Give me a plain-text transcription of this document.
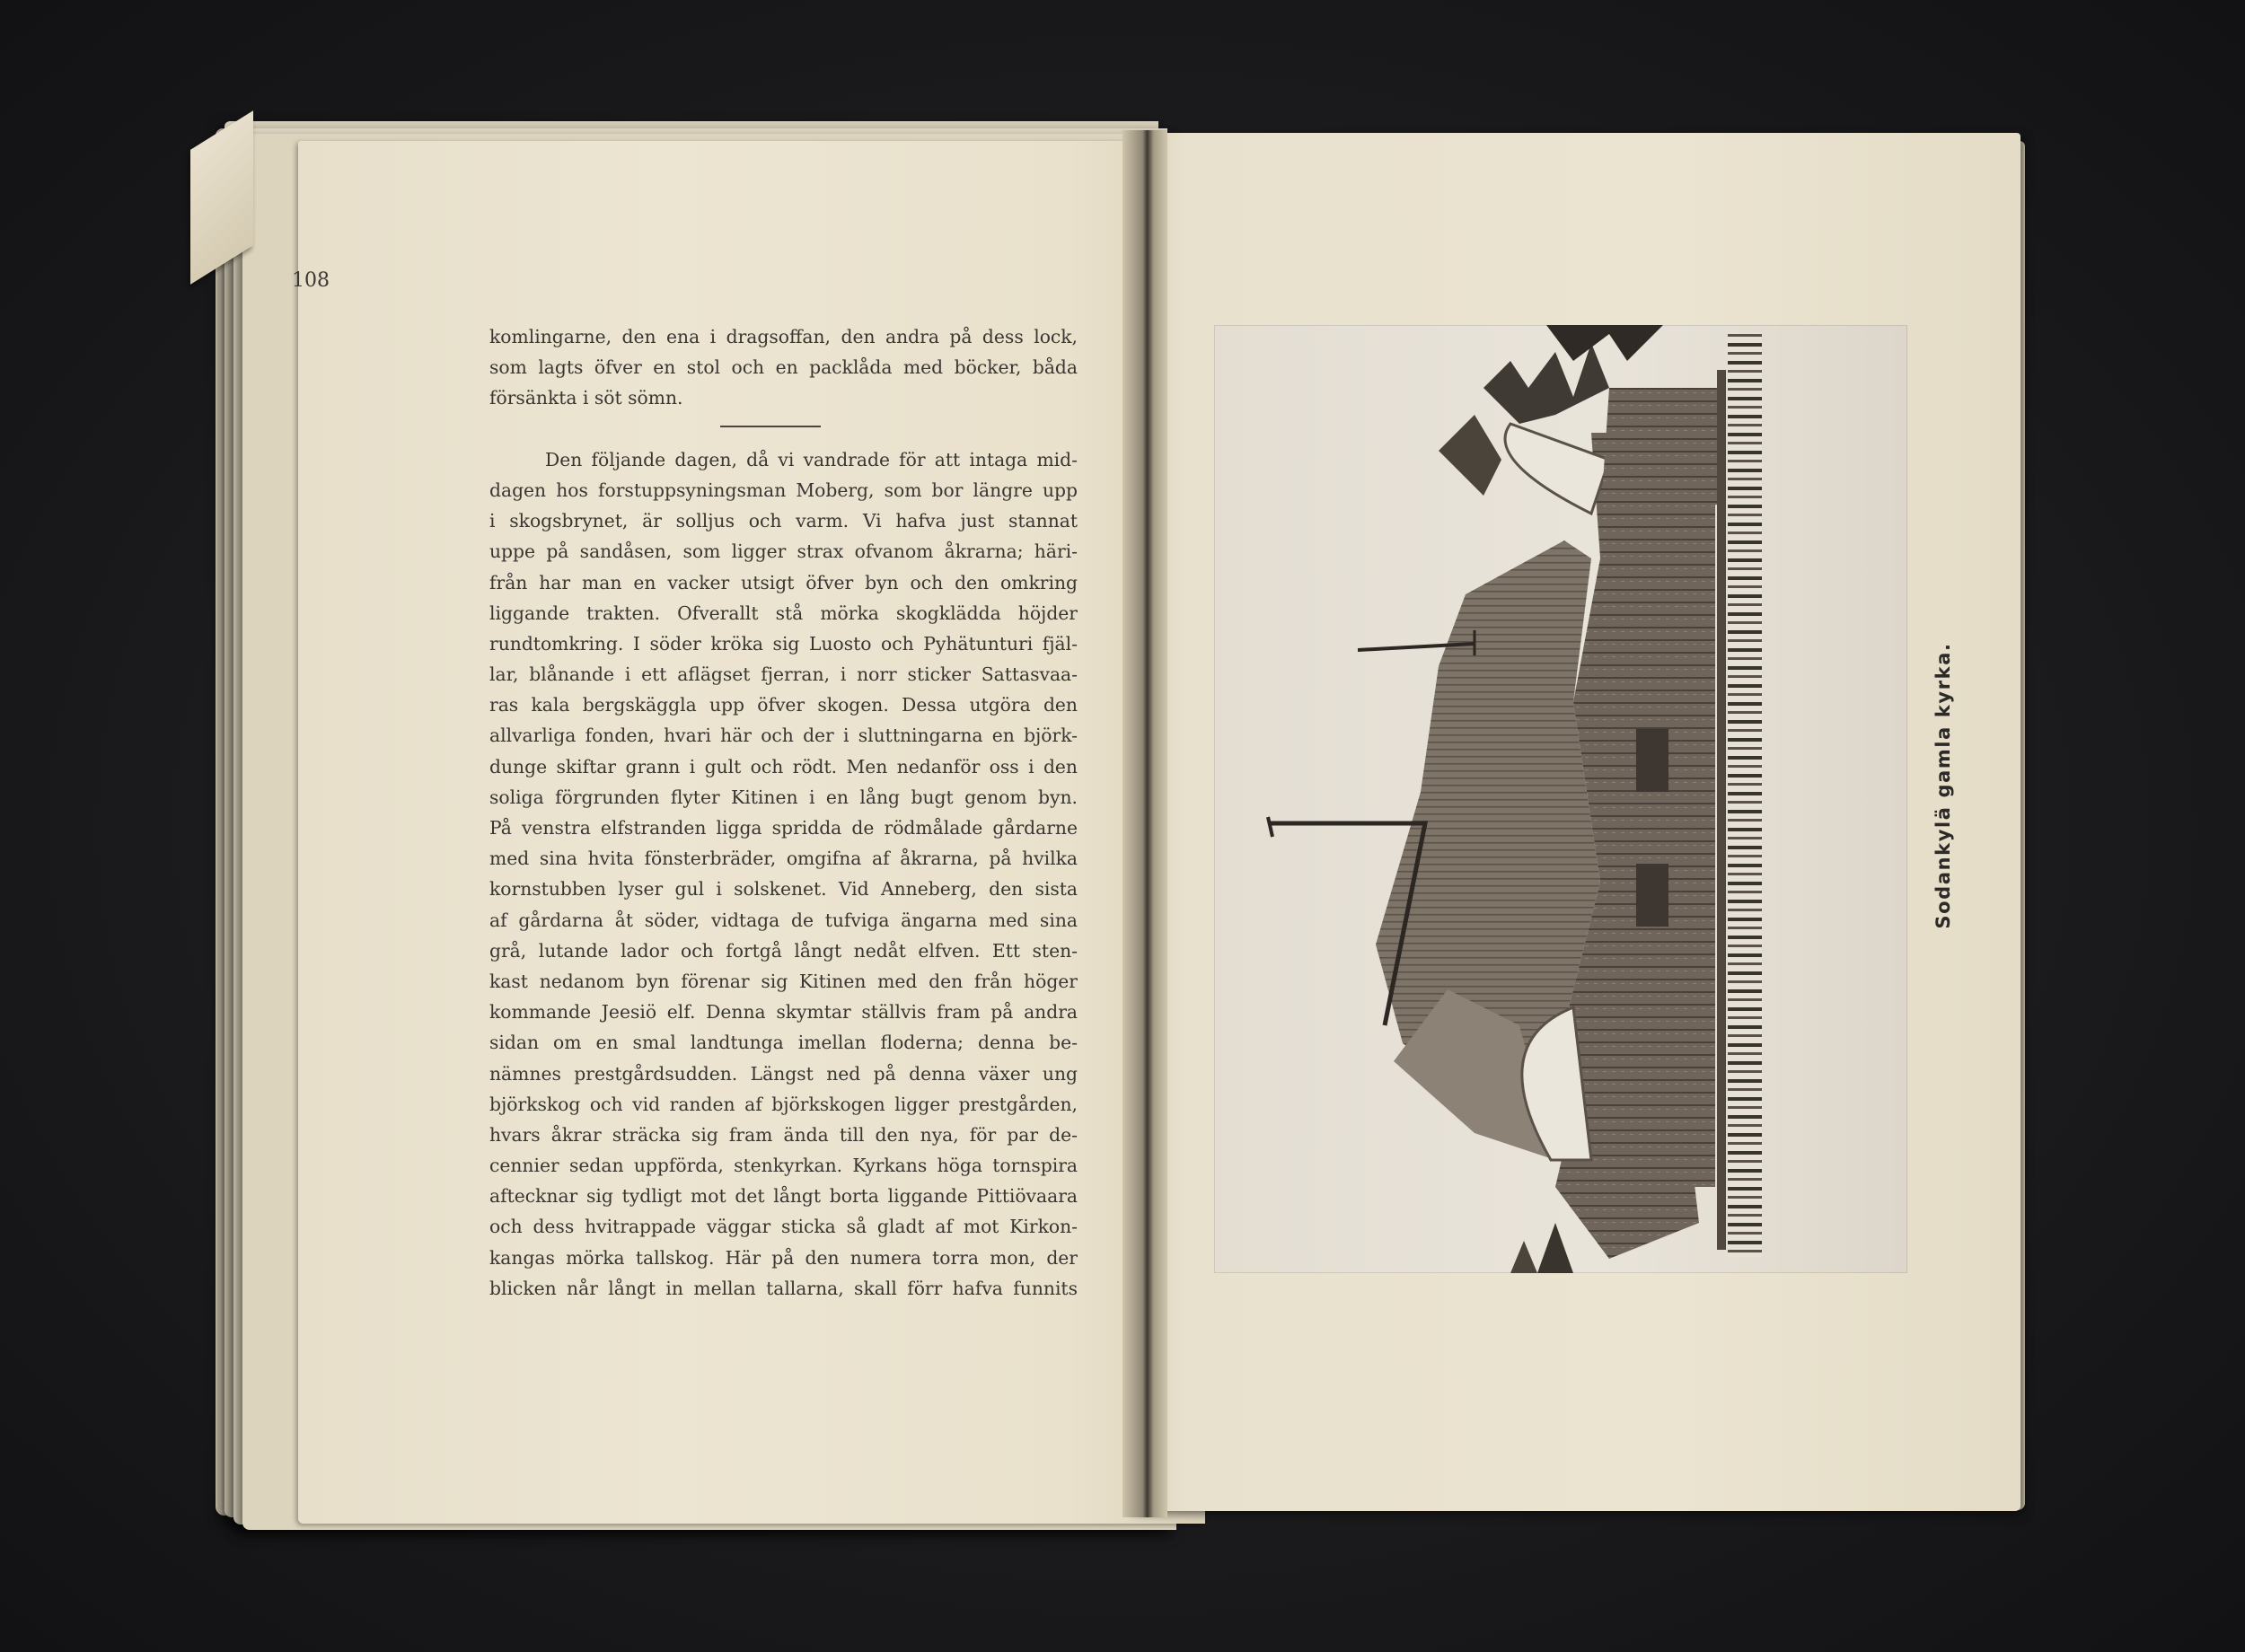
108
komlingarne, den ena i dragsoffan, den andra på dess lock,
som lagts öfver en stol och en packlåda med böcker, båda
försänkta i söt sömn.
Den följande dagen, då vi vandrade för att intaga mid-
dagen hos forstuppsyningsman Moberg, som bor längre upp
i skogsbrynet, är solljus och varm. Vi hafva just stannat
uppe på sandåsen, som ligger strax ofvanom åkrarna; häri-
från har man en vacker utsigt öfver byn och den omkring
liggande trakten. Ofverallt stå mörka skogklädda höjder
rundtomkring. I söder kröka sig Luosto och Pyhätunturi fjäl-
lar, blånande i ett aflägset fjerran, i norr sticker Sattasvaa-
ras kala bergskäggla upp öfver skogen. Dessa utgöra den
allvarliga fonden, hvari här och der i sluttningarna en björk-
dunge skiftar grann i gult och rödt. Men nedanför oss i den
soliga förgrunden flyter Kitinen i en lång bugt genom byn.
På venstra elfstranden ligga spridda de rödmålade gårdarne
med sina hvita fönsterbräder, omgifna af åkrarna, på hvilka
kornstubben lyser gul i solskenet. Vid Anneberg, den sista
af gårdarna åt söder, vidtaga de tufviga ängarna med sina
grå, lutande lador och fortgå långt nedåt elfven. Ett sten-
kast nedanom byn förenar sig Kitinen med den från höger
kommande Jeesiö elf. Denna skymtar ställvis fram på andra
sidan om en smal landtunga imellan floderna; denna be-
nämnes prestgårdsudden. Längst ned på denna växer ung
björkskog och vid randen af björkskogen ligger prestgården,
hvars åkrar sträcka sig fram ända till den nya, för par de-
cennier sedan uppförda, stenkyrkan. Kyrkans höga tornspira
aftecknar sig tydligt mot det långt borta liggande Pittiövaara
och dess hvitrappade väggar sticka så gladt af mot Kirkon-
kangas mörka tallskog. Här på den numera torra mon, der
blicken når långt in mellan tallarna, skall förr hafva funnits
Sodankylä gamla kyrka.
